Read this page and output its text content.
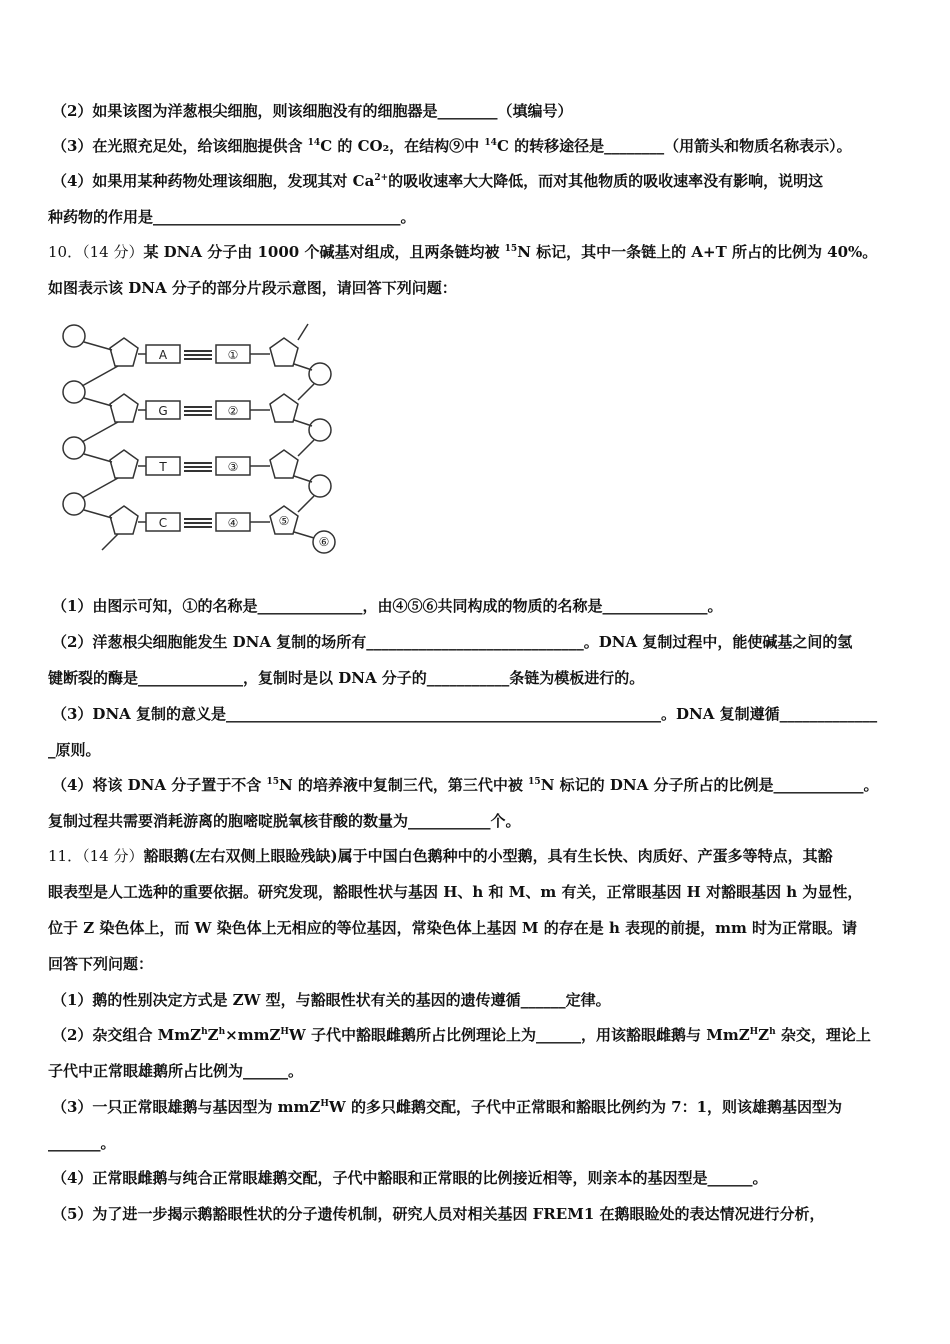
（2）如果该图为洋葱根尖细胞，则该细胞没有的细胞器是________（填编号）
（3）在光照充足处，给该细胞提供含 $^{14}$C 的 CO₂，在结构⑨中 $^{14}$C 的转移途径是________（用箭头和物质名称表示）。
（4）如果用某种药物处理该细胞，发现其对 $Ca^{2+}$的吸收速率大大降低，而对其他物质的吸收速率没有影响，说明这
种药物的作用是_________________________________。
10．（14 分）某 DNA 分子由 1000 个碱基对组成，且两条链均被 $^{15}$N 标记，其中一条链上的 A+T 所占的比例为 40%。
如图表示该 DNA 分子的部分片段示意图，请回答下列问题：
A
G
T
C
①
②
③
④	⑤
⑥
（1）由图示可知，①的名称是______________，由④⑤⑥共同构成的物质的名称是______________。
（2）洋葱根尖细胞能发生 DNA 复制的场所有_____________________________。DNA 复制过程中，能使碱基之间的氢
键断裂的酶是______________，复制时是以 DNA 分子的___________条链为模板进行的。
（3）DNA 复制的意义是__________________________________________________________。DNA 复制遵循_____________
_原则。
（4）将该 DNA 分子置于不含 $^{15}$N 的培养液中复制三代，第三代中被 $^{15}$N 标记的 DNA 分子所占的比例是____________。
复制过程共需要消耗游离的胞嘧啶脱氧核苷酸的数量为___________个。
11．（14 分）豁眼鹅(左右双侧上眼睑残缺)属于中国白色鹅种中的小型鹅，具有生长快、肉质好、产蛋多等特点，其豁
眼表型是人工选种的重要依据。研究发现，豁眼性状与基因 H、h 和 M、m 有关，正常眼基因 H 对豁眼基因 h 为显性，
位于 Z 染色体上，而 W 染色体上无相应的等位基因，常染色体上基因 M 的存在是 h 表现的前提，mm 时为正常眼。请
回答下列问题：
（1）鹅的性别决定方式是 ZW 型，与豁眼性状有关的基因的遗传遵循______定律。
（2）杂交组合 $MmZ^hZ^h\times mmZ^HW$ 子代中豁眼雌鹅所占比例理论上为______，用该豁眼雌鹅与 $MmZ^HZ^h$ 杂交，理论上
子代中正常眼雄鹅所占比例为______。
（3）一只正常眼雄鹅与基因型为 mmZ$^H$W 的多只雌鹅交配，子代中正常眼和豁眼比例约为 7：1，则该雄鹅基因型为
_______。
（4）正常眼雌鹅与纯合正常眼雄鹅交配，子代中豁眼和正常眼的比例接近相等，则亲本的基因型是______。
（5）为了进一步揭示鹅豁眼性状的分子遗传机制，研究人员对相关基因 FREM1 在鹅眼睑处的表达情况进行分析，
